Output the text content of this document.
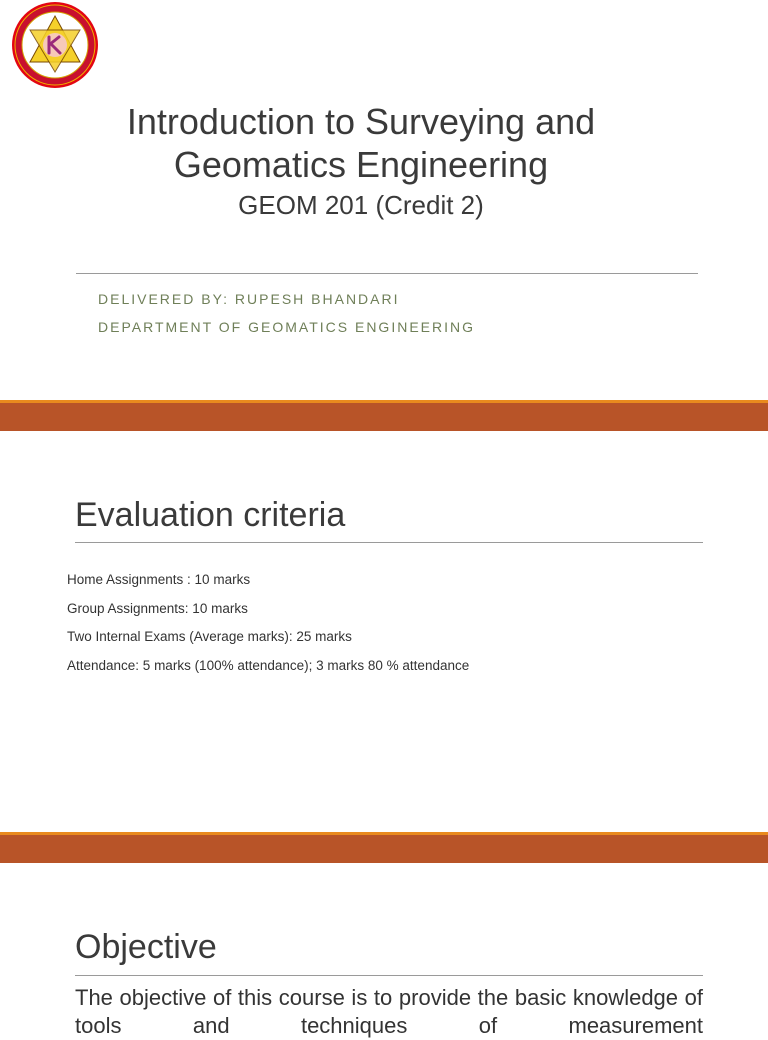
Introduction to Surveying and
Geomatics Engineering
GEOM 201 (Credit 2)
DELIVERED BY: RUPESH BHANDARI
DEPARTMENT OF GEOMATICS ENGINEERING
Evaluation criteria
Home Assignments : 10 marks
Group Assignments: 10 marks
Two Internal Exams (Average marks): 25 marks
Attendance: 5 marks (100% attendance); 3 marks 80 % attendance
Objective
The objective of this course is to provide the basic knowledge of tools and techniques of measurement
